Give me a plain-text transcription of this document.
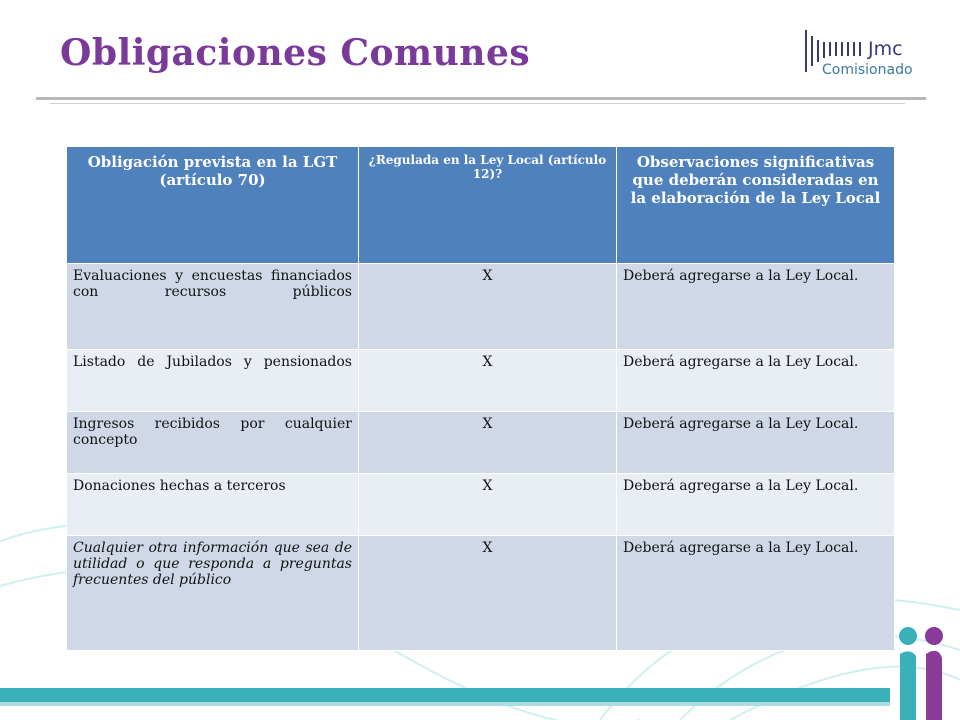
Obligaciones Comunes	Jmc
Comisionado
Obligación prevista en la LGT (artículo 70)	¿Regulada en la Ley Local (artículo 12)?	Observaciones significativas que deberán consideradas en la elaboración de la Ley Local
Evaluaciones y encuestas financiados con recursos públicos	X	Deberá agregarse a la Ley Local.
Listado de Jubilados y pensionados	X	Deberá agregarse a la Ley Local.
Ingresos recibidos por cualquier concepto	X	Deberá agregarse a la Ley Local.
Donaciones hechas a terceros	X	Deberá agregarse a la Ley Local.
Cualquier otra información que sea de utilidad o que responda a preguntas frecuentes del público	X	Deberá agregarse a la Ley Local.
